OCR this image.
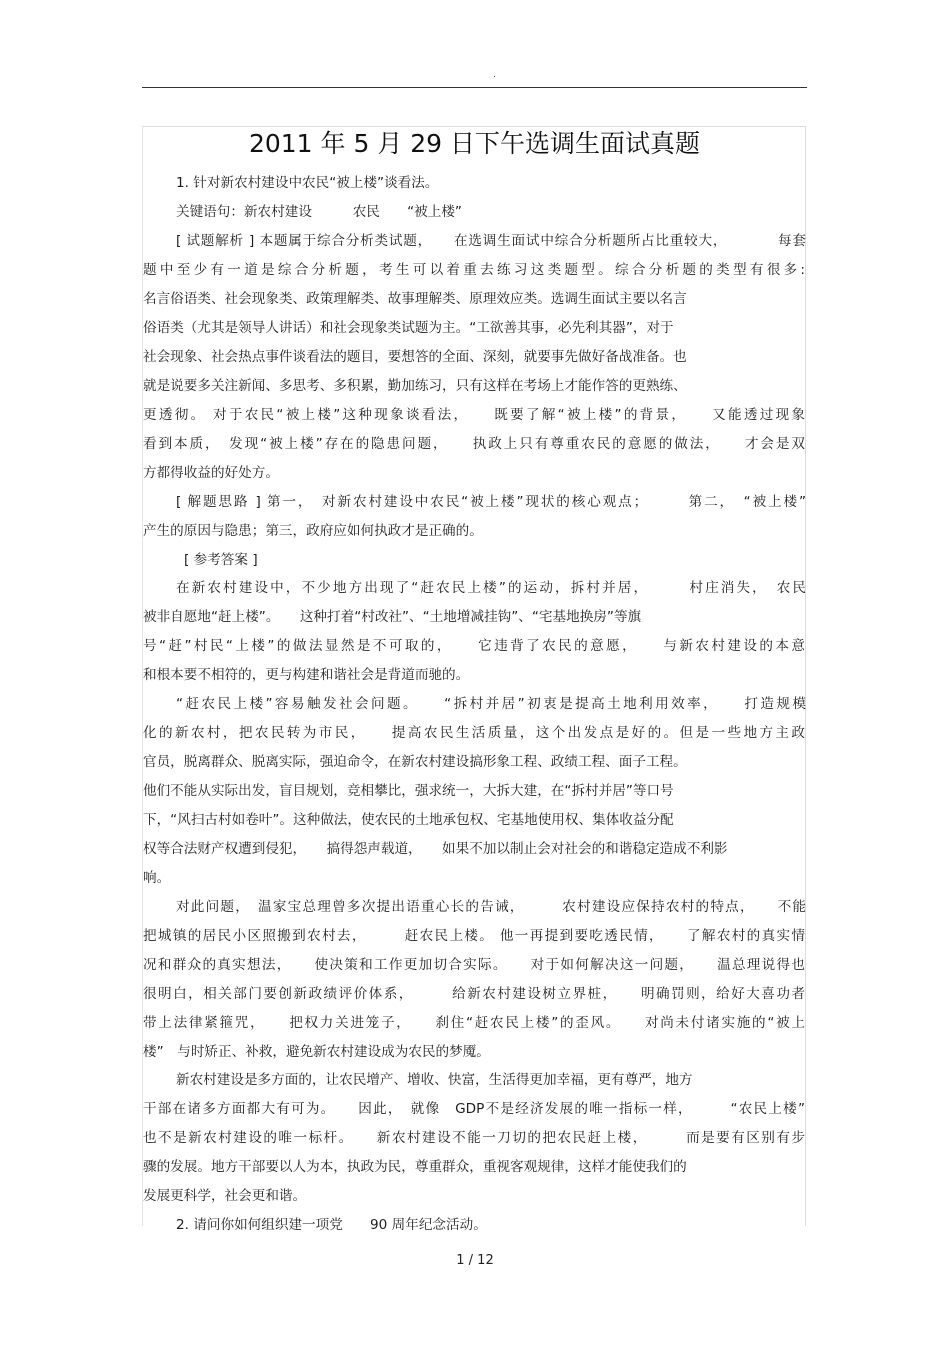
.
2011 年 5 月 29 日下午选调生面试真题
1. 针对新农村建设中农民“被上楼”谈看法。
关键语句：新农村建设　　　农民　　“被上楼”
[ 试题解析 ] 本题属于综合分析类试题，　　在选调生面试中综合分析题所占比重较大，　　　　每套
题中至少有一道是综合分析题，考生可以着重去练习这类题型。综合分析题的类型有很多:
名言俗语类、社会现象类、政策理解类、故事理解类、原理效应类。选调生面试主要以名言
俗语类（尤其是领导人讲话）和社会现象类试题为主。“工欲善其事，必先利其器”，对于
社会现象、社会热点事件谈看法的题目，要想答的全面、深刻，就要事先做好备战准备。也
就是说要多关注新闻、多思考、多积累，勤加练习，只有这样在考场上才能作答的更熟练、
更透彻。 对于农民“被上楼”这种现象谈看法，　　既要了解“被上楼”的背景，　　又能透过现象
看到本质，　发现“被上楼”存在的隐患问题，　　执政上只有尊重农民的意愿的做法，　　才会是双
方都得收益的好处方。
[ 解题思路 ] 第一，　对新农村建设中农民“被上楼”现状的核心观点；　　　第二，　“被上楼”
产生的原因与隐患；第三，政府应如何执政才是正确的。
[ 参考答案 ]
在新农村建设中，不少地方出现了“赶农民上楼”的运动，拆村并居，　　　村庄消失，　农民
被非自愿地“赶上楼”。　　这种打着“村改社”、“土地增减挂钩”、“宅基地换房”等旗
号“赶”村民“上楼”的做法显然是不可取的，　　它违背了农民的意愿，　　与新农村建设的本意
和根本要不相符的，更与构建和谐社会是背道而驰的。
“赶农民上楼”容易触发社会问题。　　“拆村并居”初衷是提高土地利用效率，　　打造规模
化的新农村，把农民转为市民，　　提高农民生活质量，这个出发点是好的。但是一些地方主政
官员，脱离群众、脱离实际，强迫命令，在新农村建设搞形象工程、政绩工程、面子工程。
他们不能从实际出发，盲目规划，竞相攀比，强求统一，大拆大建，在“拆村并居”等口号
下，“风扫古村如卷叶”。这种做法，使农民的土地承包权、宅基地使用权、集体收益分配
权等合法财产权遭到侵犯，　　搞得怨声载道，　　如果不加以制止会对社会的和谐稳定造成不利影
响。
对此问题，　温家宝总理曾多次提出语重心长的告诫，　　　农村建设应保持农村的特点，　　不能
把城镇的居民小区照搬到农村去，　　　赶农民上楼。 他一再提到要吃透民情，　　了解农村的真实情
况和群众的真实想法，　　使决策和工作更加切合实际。　　对于如何解决这一问题，　　温总理说得也
很明白，相关部门要创新政绩评价体系，　　　给新农村建设树立界桩，　　明确罚则，给好大喜功者
带上法律紧箍咒，　　把权力关进笼子，　　刹住“赶农民上楼”的歪风。　　对尚未付诸实施的“被上
楼”　与时矫正、补救，避免新农村建设成为农民的梦魇。
新农村建设是多方面的，让农民增产、增收、快富，生活得更加幸福，更有尊严，地方
干部在诸多方面都大有可为。　　因此，　就像　GDP不是经济发展的唯一指标一样，　　　“农民上楼”
也不是新农村建设的唯一标杆。　　新农村建设不能一刀切的把农民赶上楼，　　　而是要有区别有步
骤的发展。地方干部要以人为本，执政为民，尊重群众，重视客观规律，这样才能使我们的
发展更科学，社会更和谐。
2. 请问你如何组织建一项党　　90 周年纪念活动。
1 / 12
